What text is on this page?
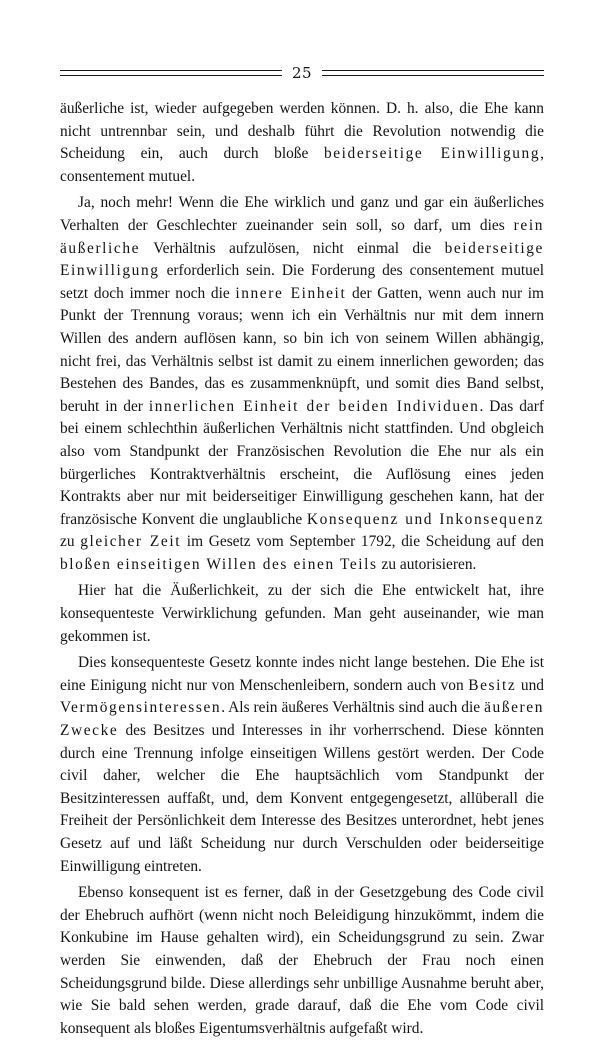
25

äußerliche ist, wieder aufgegeben werden können. D. h. also, die Ehe kann nicht untrennbar sein, und deshalb führt die Revolution notwendig die Scheidung ein, auch durch bloße beiderseitige Einwilligung, consentement mutuel.

Ja, noch mehr! Wenn die Ehe wirklich und ganz und gar ein äußerliches Verhalten der Geschlechter zueinander sein soll, so darf, um dies rein äußerliche Verhältnis aufzulösen, nicht einmal die beiderseitige Einwilligung erforderlich sein. Die Forderung des consentement mutuel setzt doch immer noch die innere Einheit der Gatten, wenn auch nur im Punkt der Trennung voraus; wenn ich ein Verhältnis nur mit dem innern Willen des andern auflösen kann, so bin ich von seinem Willen abhängig, nicht frei, das Verhältnis selbst ist damit zu einem innerlichen geworden; das Bestehen des Bandes, das es zusammenknüpft, und somit dies Band selbst, beruht in der innerlichen Einheit der beiden Individuen. Das darf bei einem schlechthin äußerlichen Verhältnis nicht stattfinden. Und obgleich also vom Standpunkt der Französischen Revolution die Ehe nur als ein bürgerliches Kontraktverhältnis erscheint, die Auflösung eines jeden Kontrakts aber nur mit beiderseitiger Einwilligung geschehen kann, hat der französische Konvent die unglaubliche Konsequenz und Inkonsequenz zu gleicher Zeit im Gesetz vom September 1792, die Scheidung auf den bloßen einseitigen Willen des einen Teils zu autorisieren.

Hier hat die Äußerlichkeit, zu der sich die Ehe entwickelt hat, ihre konsequenteste Verwirklichung gefunden. Man geht auseinander, wie man gekommen ist.

Dies konsequenteste Gesetz konnte indes nicht lange bestehen. Die Ehe ist eine Einigung nicht nur von Menschenleibern, sondern auch von Besitz und Vermögensinteressen. Als rein äußeres Verhältnis sind auch die äußeren Zwecke des Besitzes und Interesses in ihr vorherrschend. Diese könnten durch eine Trennung infolge einseitigen Willens gestört werden. Der Code civil daher, welcher die Ehe hauptsächlich vom Standpunkt der Besitzinteressen auffaßt, und, dem Konvent entgegengesetzt, allüberall die Freiheit der Persönlichkeit dem Interesse des Besitzes unterordnet, hebt jenes Gesetz auf und läßt Scheidung nur durch Verschulden oder beiderseitige Einwilligung eintreten.

Ebenso konsequent ist es ferner, daß in der Gesetzgebung des Code civil der Ehebruch aufhört (wenn nicht noch Beleidigung hinzukömmt, indem die Konkubine im Hause gehalten wird), ein Scheidungsgrund zu sein. Zwar werden Sie einwenden, daß der Ehebruch der Frau noch einen Scheidungsgrund bilde. Diese allerdings sehr unbillige Ausnahme beruht aber, wie Sie bald sehen werden, grade darauf, daß die Ehe vom Code civil konsequent als bloßes Eigentumsverhältnis aufgefaßt wird.
